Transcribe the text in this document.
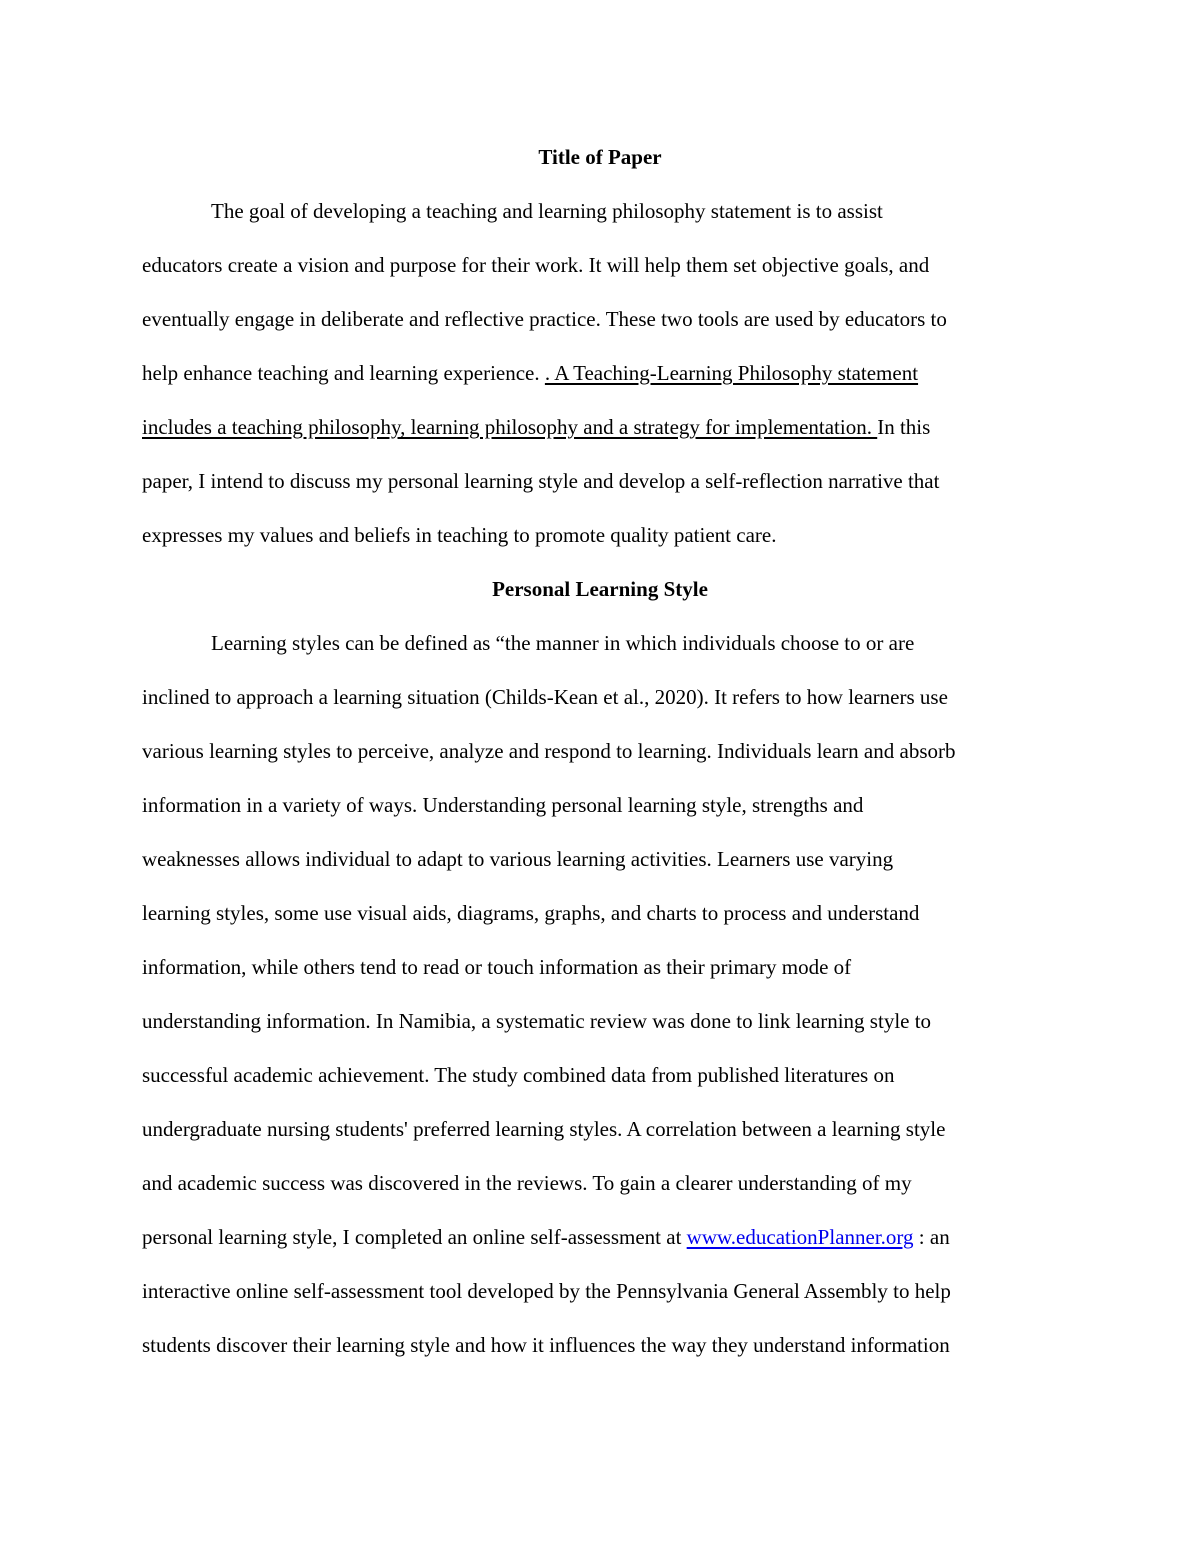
Title of Paper
The goal of developing a teaching and learning philosophy statement is to assist
educators create a vision and purpose for their work. It will help them set objective goals, and
eventually engage in deliberate and reflective practice. These two tools are used by educators to
help enhance teaching and learning experience. . A Teaching-Learning Philosophy statement
includes a teaching philosophy, learning philosophy and a strategy for implementation. In this
paper, I intend to discuss my personal learning style and develop a self-reflection narrative that
expresses my values and beliefs in teaching to promote quality patient care.
Personal Learning Style
Learning styles can be defined as “the manner in which individuals choose to or are
inclined to approach a learning situation (Childs-Kean et al., 2020). It refers to how learners use
various learning styles to perceive, analyze and respond to learning. Individuals learn and absorb
information in a variety of ways. Understanding personal learning style, strengths and
weaknesses allows individual to adapt to various learning activities. Learners use varying
learning styles, some use visual aids, diagrams, graphs, and charts to process and understand
information, while others tend to read or touch information as their primary mode of
understanding information. In Namibia, a systematic review was done to link learning style to
successful academic achievement. The study combined data from published literatures on
undergraduate nursing students' preferred learning styles. A correlation between a learning style
and academic success was discovered in the reviews. To gain a clearer understanding of my
personal learning style, I completed an online self-assessment at www.educationPlanner.org : an
interactive online self-assessment tool developed by the Pennsylvania General Assembly to help
students discover their learning style and how it influences the way they understand information
